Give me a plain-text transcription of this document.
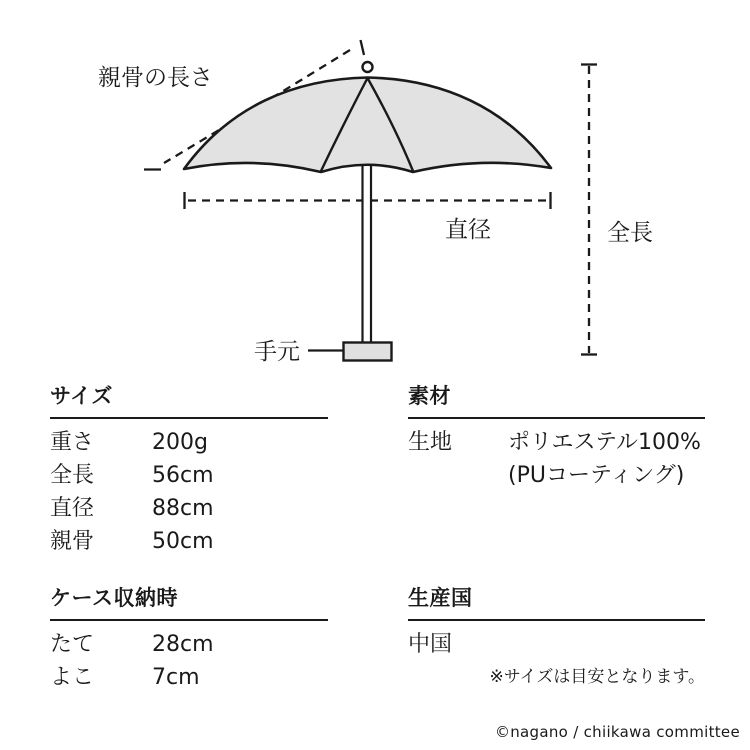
親骨の長さ
全長
直径
手元
サイズ
重さ	200g
全長	56cm
直径	88cm
親骨	50cm
素材
生地	ポリエステル100%
(PUコーティング)
ケース収納時
たて	28cm
よこ	7cm
生産国
中国
※サイズは目安となります。
©nagano / chiikawa committee
